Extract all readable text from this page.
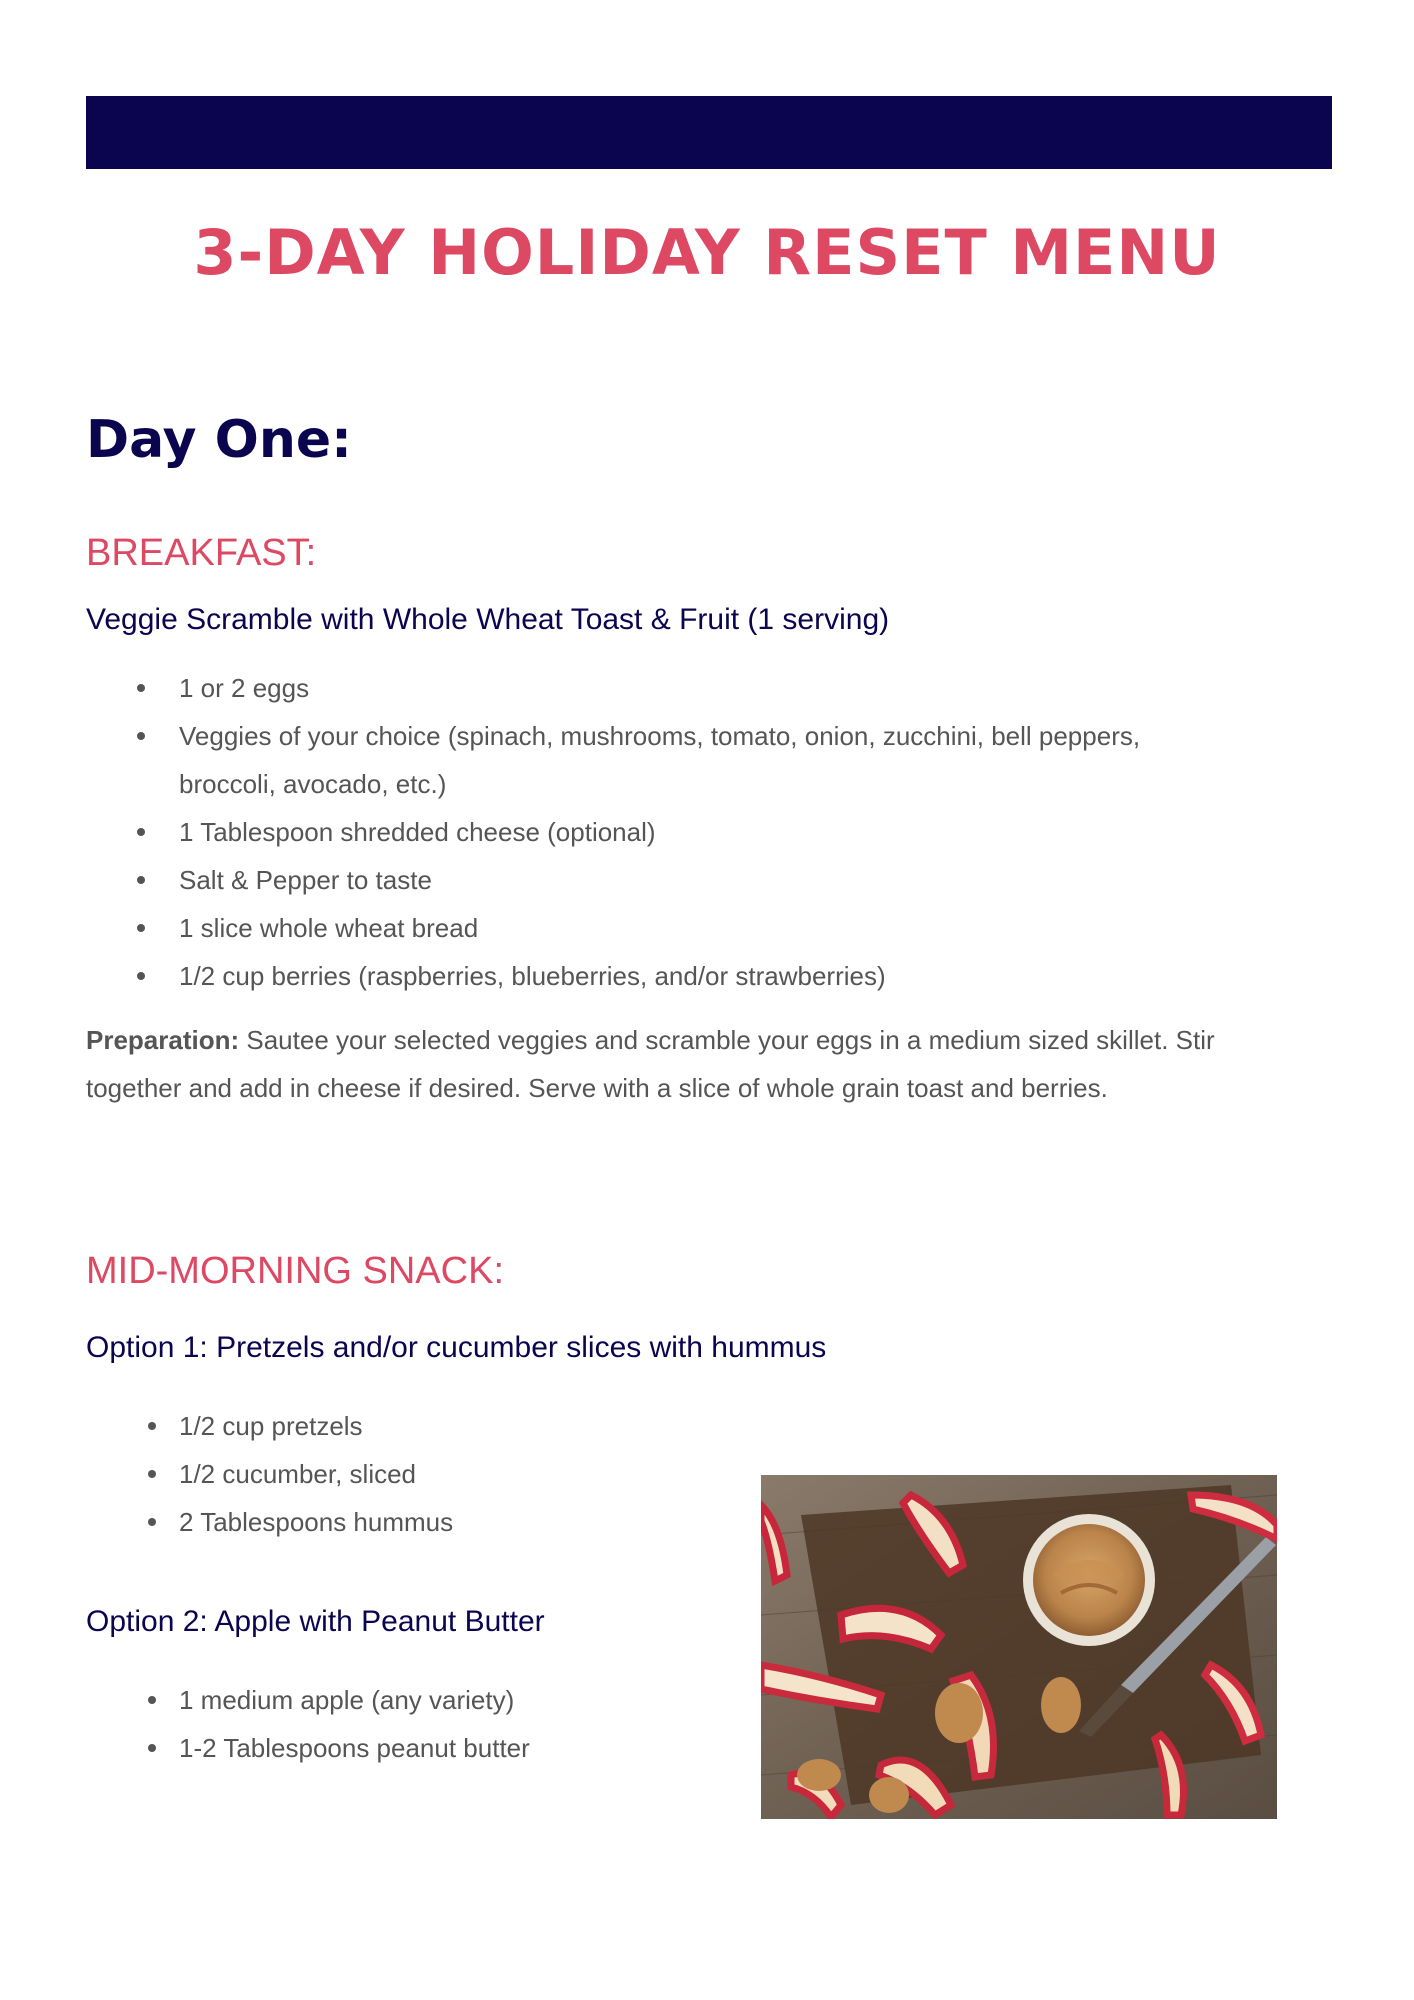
3-DAY HOLIDAY RESET MENU
Day One:
BREAKFAST:
Veggie Scramble with Whole Wheat Toast & Fruit (1 serving)
1 or 2 eggs
Veggies of your choice (spinach, mushrooms, tomato, onion, zucchini, bell peppers,
broccoli, avocado, etc.)
1 Tablespoon shredded cheese (optional)
Salt & Pepper to taste
1 slice whole wheat bread
1/2 cup berries (raspberries, blueberries, and/or strawberries)

Preparation: Sautee your selected veggies and scramble your eggs in a medium sized skillet. Stir together and add in cheese if desired. Serve with a slice of whole grain toast and berries.

MID-MORNING SNACK:
Option 1: Pretzels and/or cucumber slices with hummus
1/2 cup pretzels
1/2 cucumber, sliced
2 Tablespoons hummus
Option 2: Apple with Peanut Butter
1 medium apple (any variety)
1-2 Tablespoons peanut butter
